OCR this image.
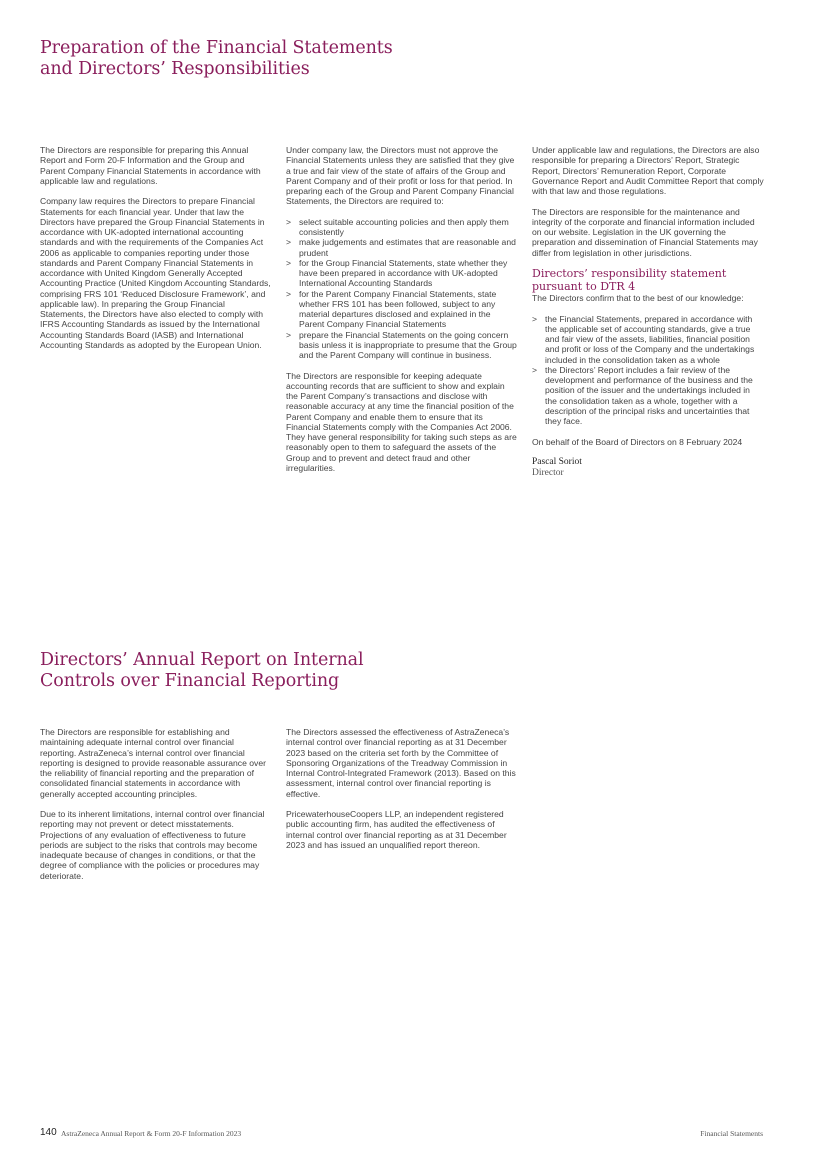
Preparation of the Financial Statements
and Directors’ Responsibilities

The Directors are responsible for preparing this Annual Report and Form 20-F Information and the Group and Parent Company Financial Statements in accordance with applicable law and regulations.

Company law requires the Directors to prepare Financial Statements for each financial year. Under that law the Directors have prepared the Group Financial Statements in accordance with UK-adopted international accounting standards and with the requirements of the Companies Act 2006 as applicable to companies reporting under those standards and Parent Company Financial Statements in accordance with United Kingdom Generally Accepted Accounting Practice (United Kingdom Accounting Standards, comprising FRS 101 ‘Reduced Disclosure Framework’, and applicable law). In preparing the Group Financial Statements, the Directors have also elected to comply with IFRS Accounting Standards as issued by the International Accounting Standards Board (IASB) and International Accounting Standards as adopted by the European Union.

Under company law, the Directors must not approve the Financial Statements unless they are satisfied that they give a true and fair view of the state of affairs of the Group and Parent Company and of their profit or loss for that period. In preparing each of the Group and Parent Company Financial Statements, the Directors are required to:

> select suitable accounting policies and then apply them consistently
> make judgements and estimates that are reasonable and prudent
> for the Group Financial Statements, state whether they have been prepared in accordance with UK-adopted International Accounting Standards
> for the Parent Company Financial Statements, state whether FRS 101 has been followed, subject to any material departures disclosed and explained in the Parent Company Financial Statements
> prepare the Financial Statements on the going concern basis unless it is inappropriate to presume that the Group and the Parent Company will continue in business.

The Directors are responsible for keeping adequate accounting records that are sufficient to show and explain the Parent Company’s transactions and disclose with reasonable accuracy at any time the financial position of the Parent Company and enable them to ensure that its Financial Statements comply with the Companies Act 2006. They have general responsibility for taking such steps as are reasonably open to them to safeguard the assets of the Group and to prevent and detect fraud and other irregularities.

Under applicable law and regulations, the Directors are also responsible for preparing a Directors’ Report, Strategic Report, Directors’ Remuneration Report, Corporate Governance Report and Audit Committee Report that comply with that law and those regulations.

The Directors are responsible for the maintenance and integrity of the corporate and financial information included on our website. Legislation in the UK governing the preparation and dissemination of Financial Statements may differ from legislation in other jurisdictions.

Directors’ responsibility statement
pursuant to DTR 4

The Directors confirm that to the best of our knowledge:

> the Financial Statements, prepared in accordance with the applicable set of accounting standards, give a true and fair view of the assets, liabilities, financial position and profit or loss of the Company and the undertakings included in the consolidation taken as a whole
> the Directors’ Report includes a fair review of the development and performance of the business and the position of the issuer and the undertakings included in the consolidation taken as a whole, together with a description of the principal risks and uncertainties that they face.

On behalf of the Board of Directors on 8 February 2024

Pascal Soriot
Director
Directors’ Annual Report on Internal
Controls over Financial Reporting

The Directors are responsible for establishing and maintaining adequate internal control over financial reporting. AstraZeneca’s internal control over financial reporting is designed to provide reasonable assurance over the reliability of financial reporting and the preparation of consolidated financial statements in accordance with generally accepted accounting principles.

Due to its inherent limitations, internal control over financial reporting may not prevent or detect misstatements. Projections of any evaluation of effectiveness to future periods are subject to the risks that controls may become inadequate because of changes in conditions, or that the degree of compliance with the policies or procedures may deteriorate.

The Directors assessed the effectiveness of AstraZeneca’s internal control over financial reporting as at 31 December 2023 based on the criteria set forth by the Committee of Sponsoring Organizations of the Treadway Commission in Internal Control-Integrated Framework (2013). Based on this assessment, internal control over financial reporting is effective.

PricewaterhouseCoopers LLP, an independent registered public accounting firm, has audited the effectiveness of internal control over financial reporting as at 31 December 2023 and has issued an unqualified report thereon.

140 AstraZeneca Annual Report & Form 20-F Information 2023	Financial Statements
